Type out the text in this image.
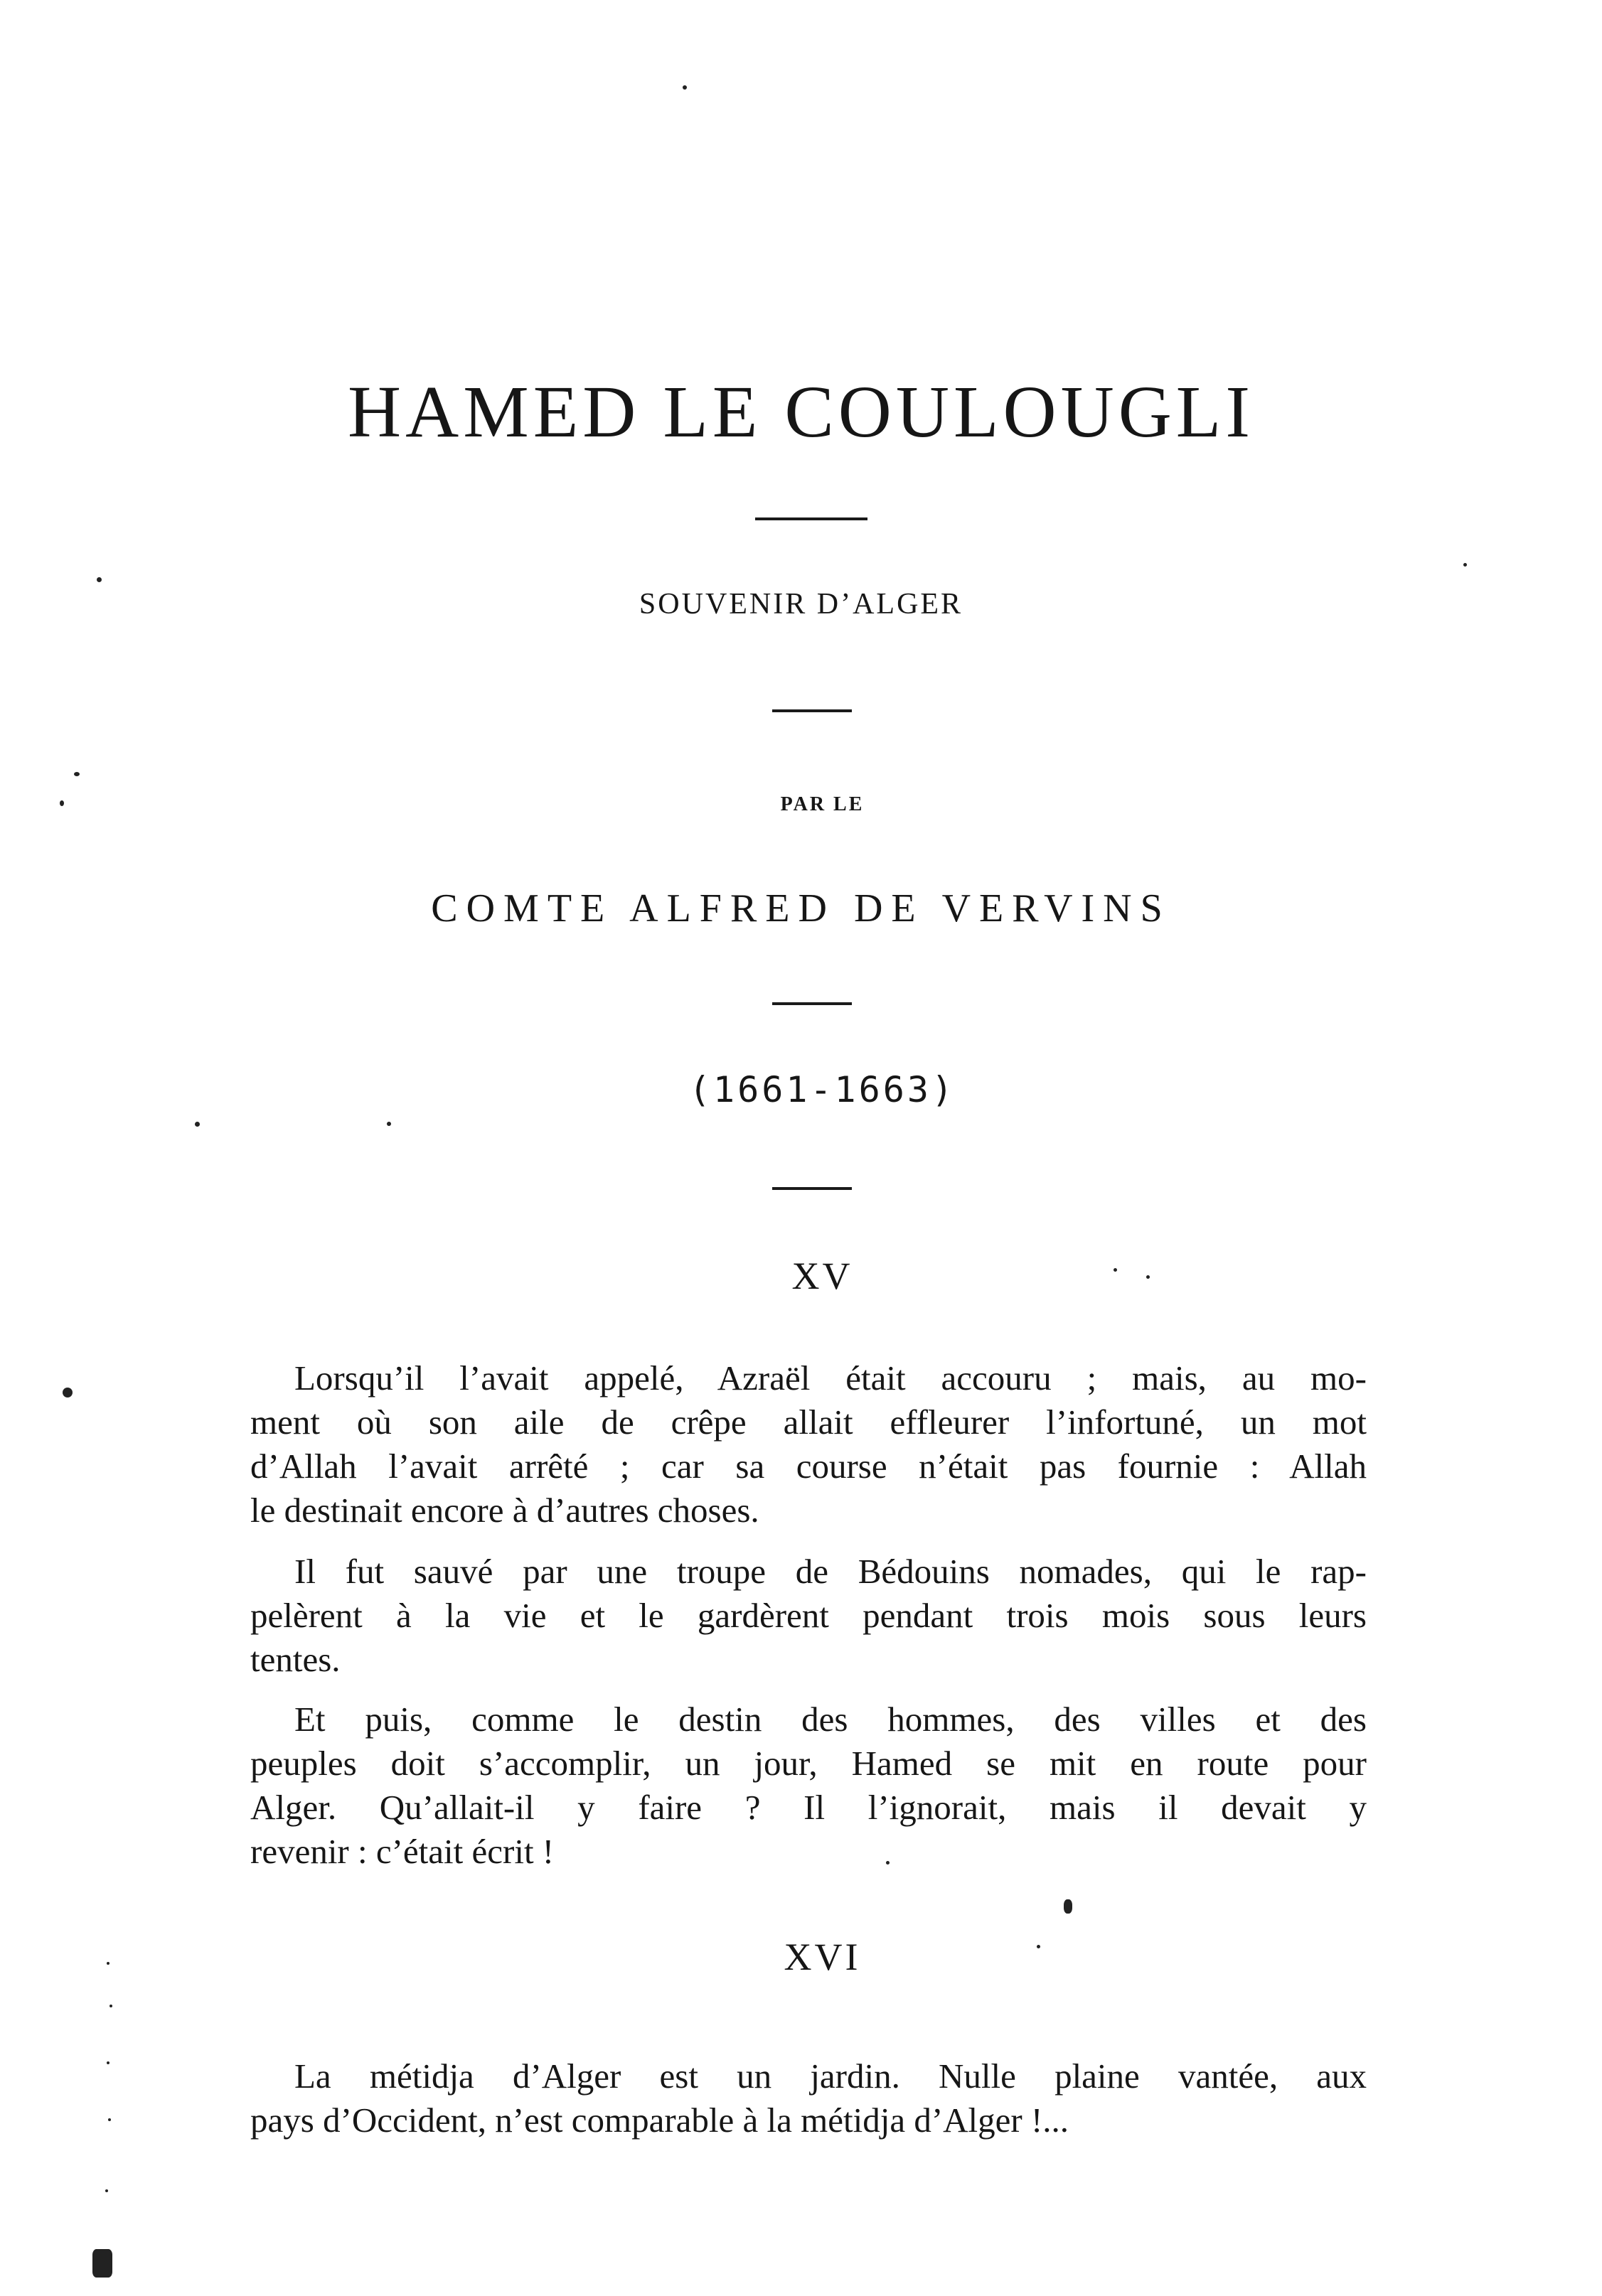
HAMED LE COULOUGLI
SOUVENIR D’ALGER
PAR LE
COMTE ALFRED DE VERVINS
(1661-1663)
XV
Lorsqu’il l’avait appelé, Azraël était accouru ; mais, au mo-
ment où son aile de crêpe allait effleurer l’infortuné, un mot
d’Allah l’avait arrêté ; car sa course n’était pas fournie : Allah
le destinait encore à d’autres choses.
Il fut sauvé par une troupe de Bédouins nomades, qui le rap-
pelèrent à la vie et le gardèrent pendant trois mois sous leurs
tentes.
Et puis, comme le destin des hommes, des villes et des
peuples doit s’accomplir, un jour, Hamed se mit en route pour
Alger. Qu’allait-il y faire ? Il l’ignorait, mais il devait y
revenir : c’était écrit !
XVI
La métidja d’Alger est un jardin. Nulle plaine vantée, aux
pays d’Occident, n’est comparable à la métidja d’Alger !...
